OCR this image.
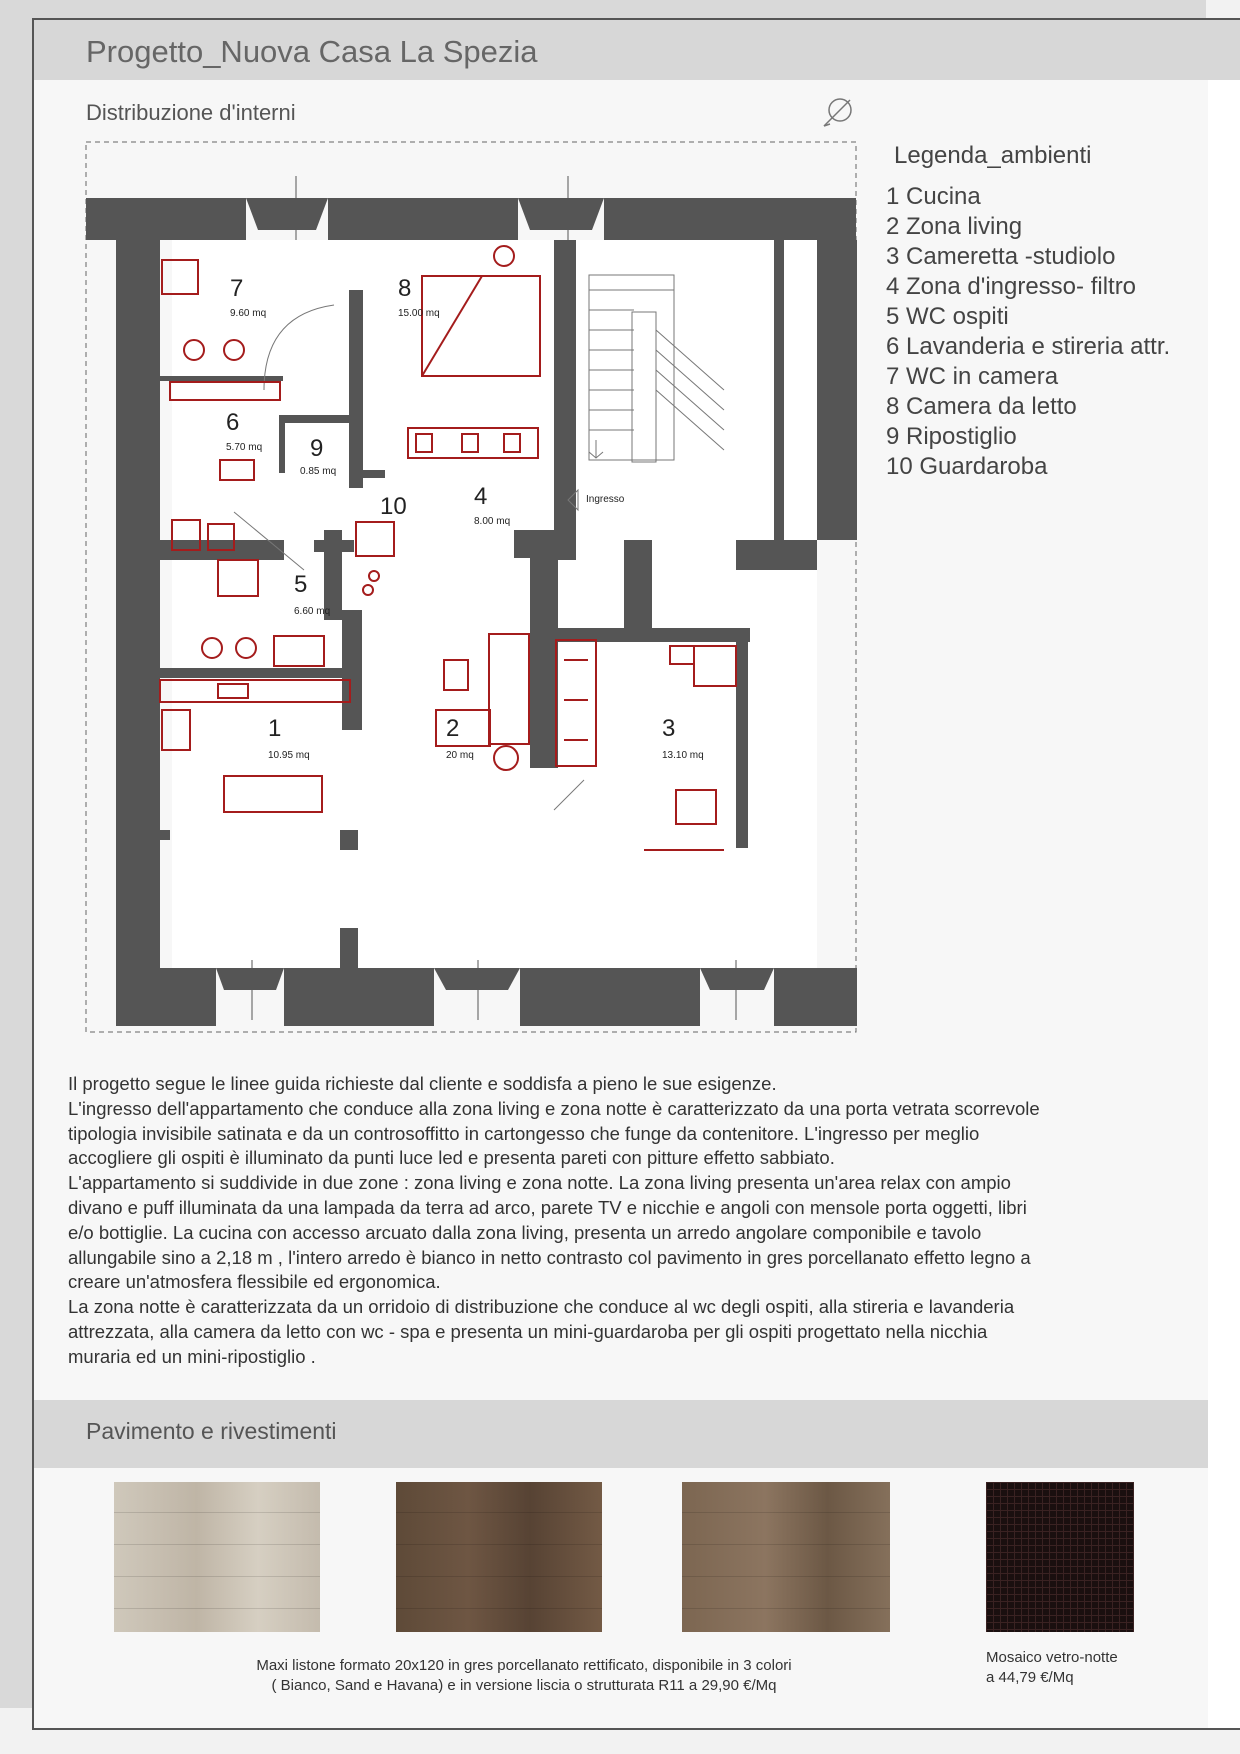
Progetto_Nuova Casa La Spezia
Distribuzione d'interni
Ingresso
1
10.95 mq
2
20 mq
3
13.10 mq
4
8.00 mq
5
6.60 mq
6
5.70 mq
7
9.60 mq
8
15.00 mq
9
0.85 mq
10
Legenda_ambienti
1 Cucina
2 Zona living
3 Cameretta -studiolo
4 Zona d'ingresso- filtro
5 WC ospiti
6 Lavanderia e stireria attr.
7 WC in camera
8 Camera da letto
9 Ripostiglio
10 Guardaroba

Il progetto segue le linee guida richieste dal cliente e soddisfa a pieno le sue esigenze.
L'ingresso dell'appartamento che conduce alla zona living e zona notte è caratterizzato da una porta vetrata scorrevole
tipologia invisibile satinata e da un controsoffitto in cartongesso che funge da contenitore. L'ingresso per meglio
accogliere gli ospiti è illuminato da punti luce led e presenta pareti con pitture effetto sabbiato.
L'appartamento si suddivide in due zone : zona living e zona notte. La zona living presenta un'area relax con ampio
divano e puff illuminata da una lampada da terra ad arco, parete TV e nicchie e angoli con mensole porta oggetti, libri
e/o bottiglie. La cucina con accesso arcuato dalla zona living, presenta un arredo angolare componibile e tavolo
allungabile sino a 2,18 m , l'intero arredo è bianco in netto contrasto col pavimento in gres porcellanato effetto legno a
creare un'atmosfera flessibile ed ergonomica.
La zona notte è caratterizzata da un orridoio di distribuzione che conduce al wc degli ospiti, alla stireria e lavanderia
attrezzata, alla camera da letto con wc - spa e presenta un mini-guardaroba per gli ospiti progettato nella nicchia
muraria ed un mini-ripostiglio .

Pavimento e rivestimenti
Maxi listone formato 20x120 in gres porcellanato rettificato, disponibile in 3 colori
( Bianco, Sand e Havana) e in versione liscia o strutturata R11 a 29,90 €/Mq
Mosaico vetro-notte
a 44,79 €/Mq
